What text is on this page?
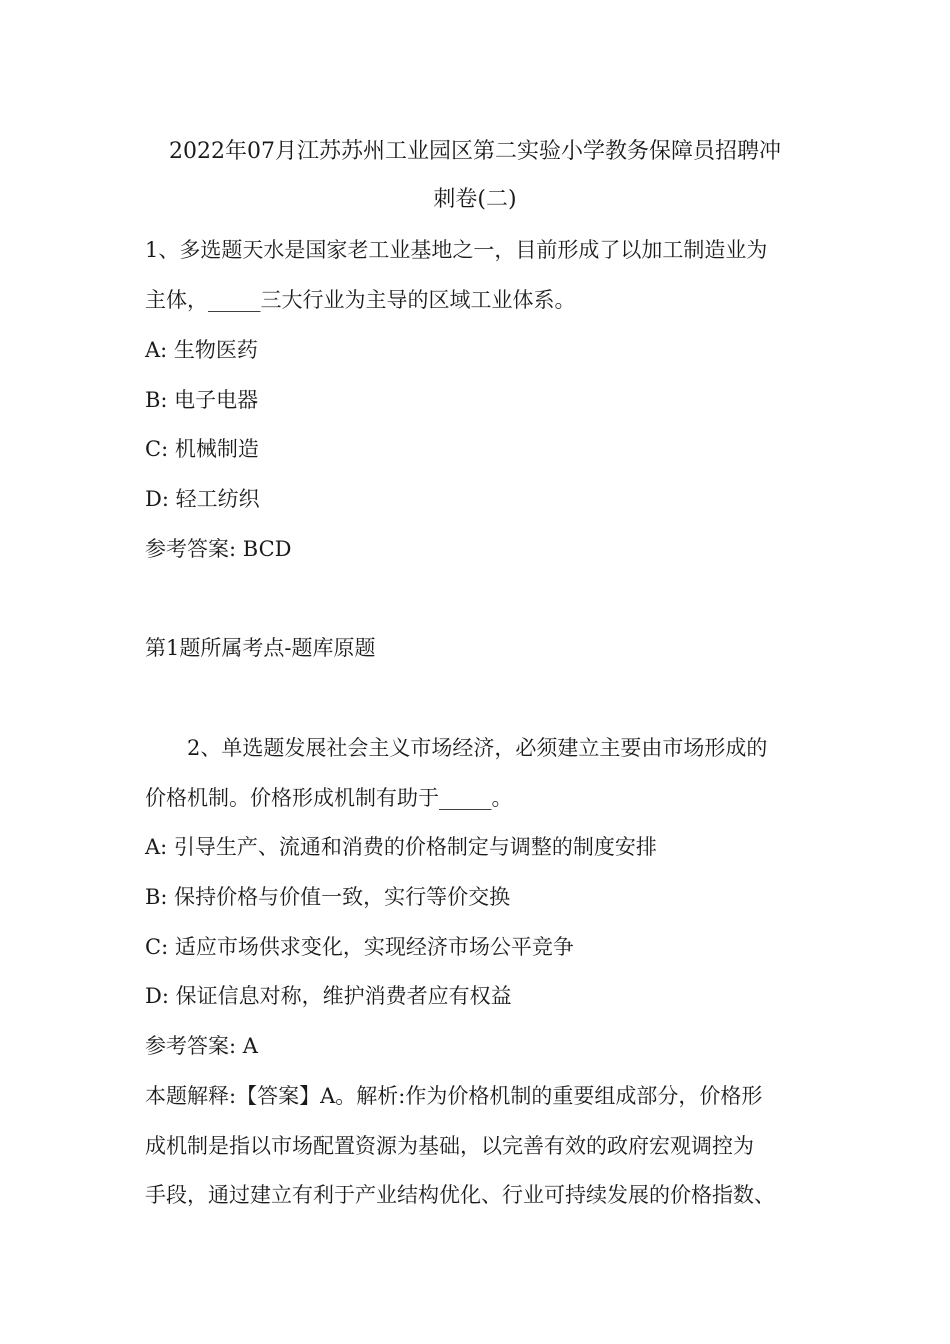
2022年07月江苏苏州工业园区第二实验小学教务保障员招聘冲

刺卷(二)

1、多选题天水是国家老工业基地之一，目前形成了以加工制造业为

主体，_____三大行业为主导的区域工业体系。

A: 生物医药

B: 电子电器

C: 机械制造

D: 轻工纺织

参考答案: BCD

第1题所属考点-题库原题

2、单选题发展社会主义市场经济，必须建立主要由市场形成的

价格机制。价格形成机制有助于_____。

A: 引导生产、流通和消费的价格制定与调整的制度安排

B: 保持价格与价值一致，实行等价交换

C: 适应市场供求变化，实现经济市场公平竞争

D: 保证信息对称，维护消费者应有权益

参考答案: A

本题解释:【答案】A。解析:作为价格机制的重要组成部分，价格形

成机制是指以市场配置资源为基础，以完善有效的政府宏观调控为

手段，通过建立有利于产业结构优化、行业可持续发展的价格指数、
